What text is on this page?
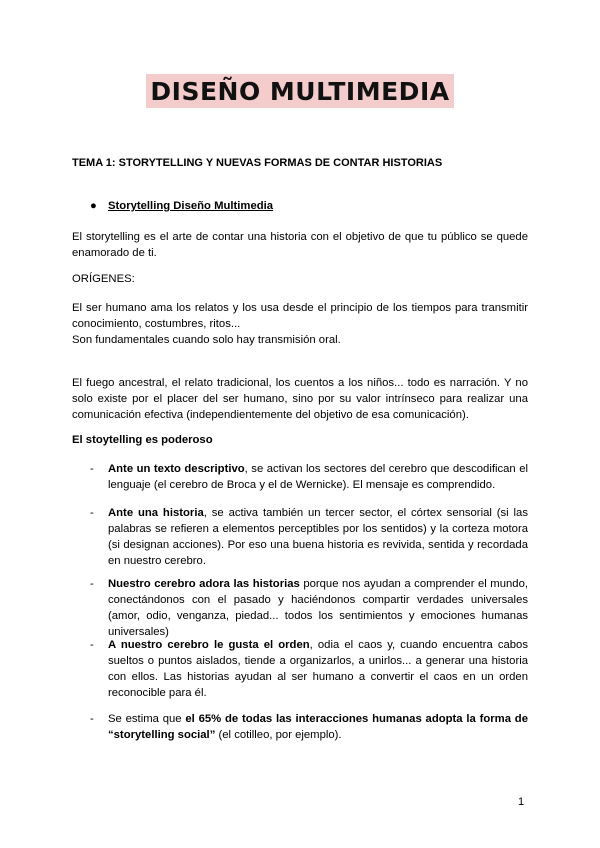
DISEÑO MULTIMEDIA
TEMA 1: STORYTELLING Y NUEVAS FORMAS DE CONTAR HISTORIAS
● Storytelling Diseño Multimedia
El storytelling es el arte de contar una historia con el objetivo de que tu público se quede enamorado de ti.
ORÍGENES:
El ser humano ama los relatos y los usa desde el principio de los tiempos para transmitir conocimiento, costumbres, ritos...
Son fundamentales cuando solo hay transmisión oral.
El fuego ancestral, el relato tradicional, los cuentos a los niños... todo es narración. Y no solo existe por el placer del ser humano, sino por su valor intrínseco para realizar una comunicación efectiva (independientemente del objetivo de esa comunicación).
El stoytelling es poderoso
- Ante un texto descriptivo, se activan los sectores del cerebro que descodifican el lenguaje (el cerebro de Broca y el de Wernicke). El mensaje es comprendido.
- Ante una historia, se activa también un tercer sector, el córtex sensorial (si las palabras se refieren a elementos perceptibles por los sentidos) y la corteza motora (si designan acciones). Por eso una buena historia es revivida, sentida y recordada en nuestro cerebro.
- Nuestro cerebro adora las historias porque nos ayudan a comprender el mundo, conectándonos con el pasado y haciéndonos compartir verdades universales (amor, odio, venganza, piedad... todos los sentimientos y emociones humanas universales)
- A nuestro cerebro le gusta el orden, odia el caos y, cuando encuentra cabos sueltos o puntos aislados, tiende a organizarlos, a unirlos... a generar una historia con ellos. Las historias ayudan al ser humano a convertir el caos en un orden reconocible para él.
- Se estima que el 65% de todas las interacciones humanas adopta la forma de “storytelling social” (el cotilleo, por ejemplo).
1
